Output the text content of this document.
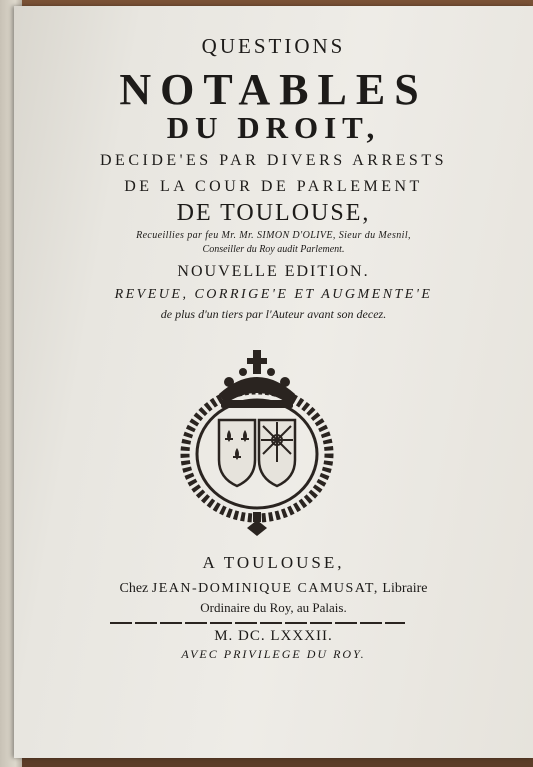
QUESTIONS
NOTABLES
DU DROIT,
DECIDE'ES PAR DIVERS ARRESTS
DE LA COUR DE PARLEMENT
DE TOULOUSE,
Recueillies par feu Mr. Mr. SIMON D'OLIVE, Sieur du Mesnil,
Conseiller du Roy audit Parlement.
NOUVELLE EDITION.
REVEUE, CORRIGE'E ET AUGMENTE'E
de plus d'un tiers par l'Auteur avant son decez.
A TOULOUSE,
Chez JEAN-DOMINIQUE CAMUSAT, Libraire
Ordinaire du Roy, au Palais.
M. DC. LXXXII.
AVEC PRIVILEGE DU ROY.
